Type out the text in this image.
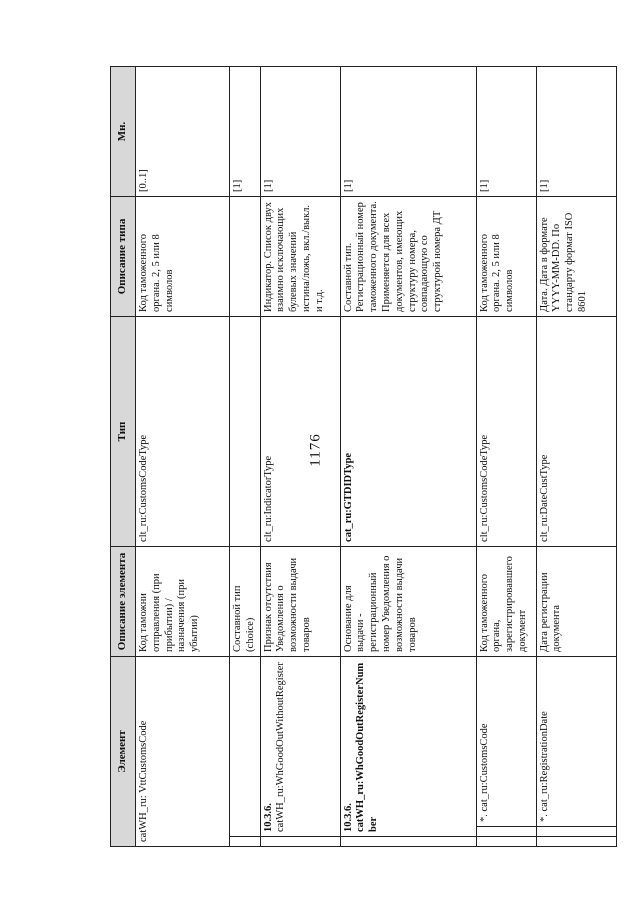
1176
Элемент			Описание элемента	Тип	Описание типа	Мн.
catWH_ru: VttCustomsCode			Код таможни отправления (при прибытии) / назначения (при убытии)	clt_ru:CustomsCodeType	Код таможенного органа. 2, 5 или 8 символов	[0..1]
			Составной тип (choice)			[1]
	10.3.6. catWH_ru:WhGoodOutWithoutRegister		Признак отсутствия Уведомления о возможности выдачи товаров	clt_ru:IndicatorType	Индикатор. Список двух взаимно исключающих булевых значений истина/ложь, вкл./выкл. и т.д.	[1]
	10.3.6. catWH_ru:WhGoodOutRegisterNumber		Основание для выдачи - регистрационный номер Уведомления о возможности выдачи товаров	cat_ru:GTDIDType	Составной тип. Регистрационный номер таможенного документа. Применяется для всех документов, имеющих структуру номера, совпадающую со структурой номера ДТ	[1]
		*. cat_ru:CustomsCode	Код таможенного органа, зарегистрировавшего документ	clt_ru:CustomsCodeType	Код таможенного органа. 2, 5 или 8 символов	[1]
		*. cat_ru:RegistrationDate	Дата регистрации документа	clt_ru:DateCustType	Дата. Дата в формате YYYY-MM-DD. По стандарту формат ISO 8601	[1]
